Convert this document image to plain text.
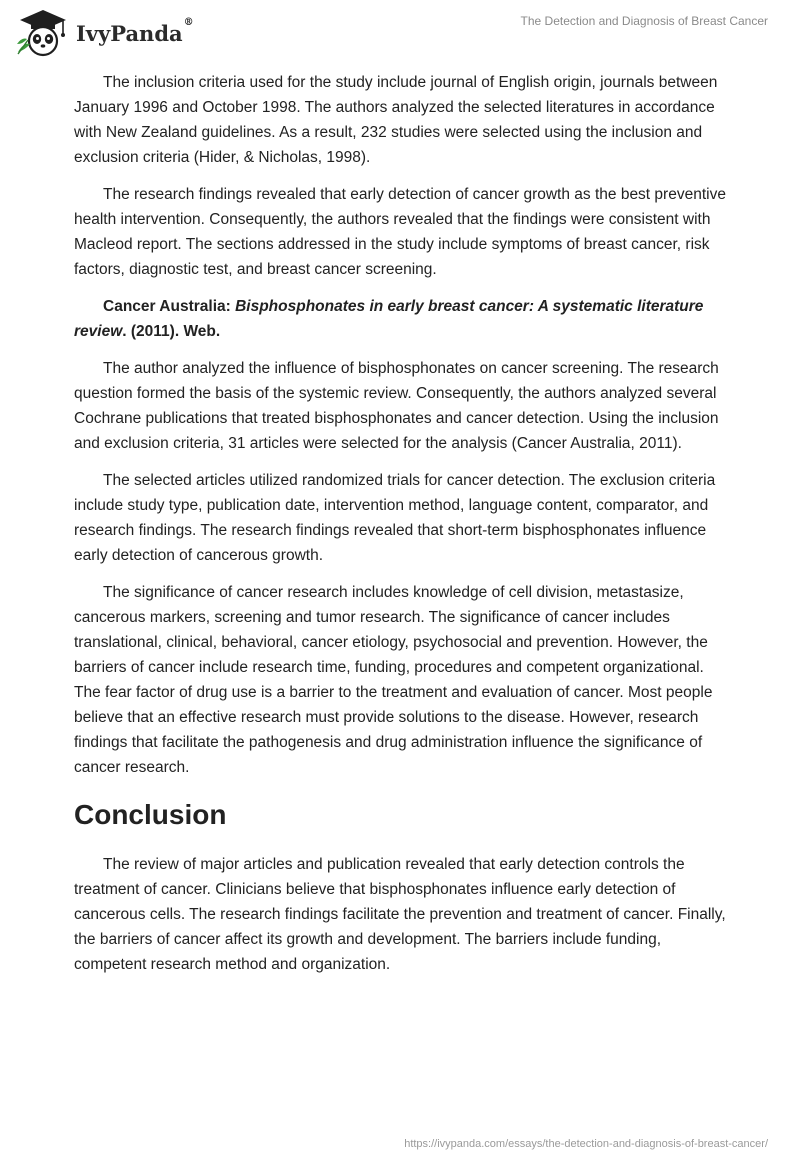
IvyPanda®	The Detection and Diagnosis of Breast Cancer

The inclusion criteria used for the study include journal of English origin, journals between January 1996 and October 1998. The authors analyzed the selected literatures in accordance with New Zealand guidelines. As a result, 232 studies were selected using the inclusion and exclusion criteria (Hider, & Nicholas, 1998).

The research findings revealed that early detection of cancer growth as the best preventive health intervention. Consequently, the authors revealed that the findings were consistent with Macleod report. The sections addressed in the study include symptoms of breast cancer, risk factors, diagnostic test, and breast cancer screening.

Cancer Australia: Bisphosphonates in early breast cancer: A systematic literature review. (2011). Web.

The author analyzed the influence of bisphosphonates on cancer screening. The research question formed the basis of the systemic review. Consequently, the authors analyzed several Cochrane publications that treated bisphosphonates and cancer detection. Using the inclusion and exclusion criteria, 31 articles were selected for the analysis (Cancer Australia, 2011).

The selected articles utilized randomized trials for cancer detection. The exclusion criteria include study type, publication date, intervention method, language content, comparator, and research findings. The research findings revealed that short-term bisphosphonates influence early detection of cancerous growth.

The significance of cancer research includes knowledge of cell division, metastasize, cancerous markers, screening and tumor research. The significance of cancer includes translational, clinical, behavioral, cancer etiology, psychosocial and prevention. However, the barriers of cancer include research time, funding, procedures and competent organizational. The fear factor of drug use is a barrier to the treatment and evaluation of cancer. Most people believe that an effective research must provide solutions to the disease. However, research findings that facilitate the pathogenesis and drug administration influence the significance of cancer research.

Conclusion

The review of major articles and publication revealed that early detection controls the treatment of cancer. Clinicians believe that bisphosphonates influence early detection of cancerous cells. The research findings facilitate the prevention and treatment of cancer. Finally, the barriers of cancer affect its growth and development. The barriers include funding, competent research method and organization.

https://ivypanda.com/essays/the-detection-and-diagnosis-of-breast-cancer/
